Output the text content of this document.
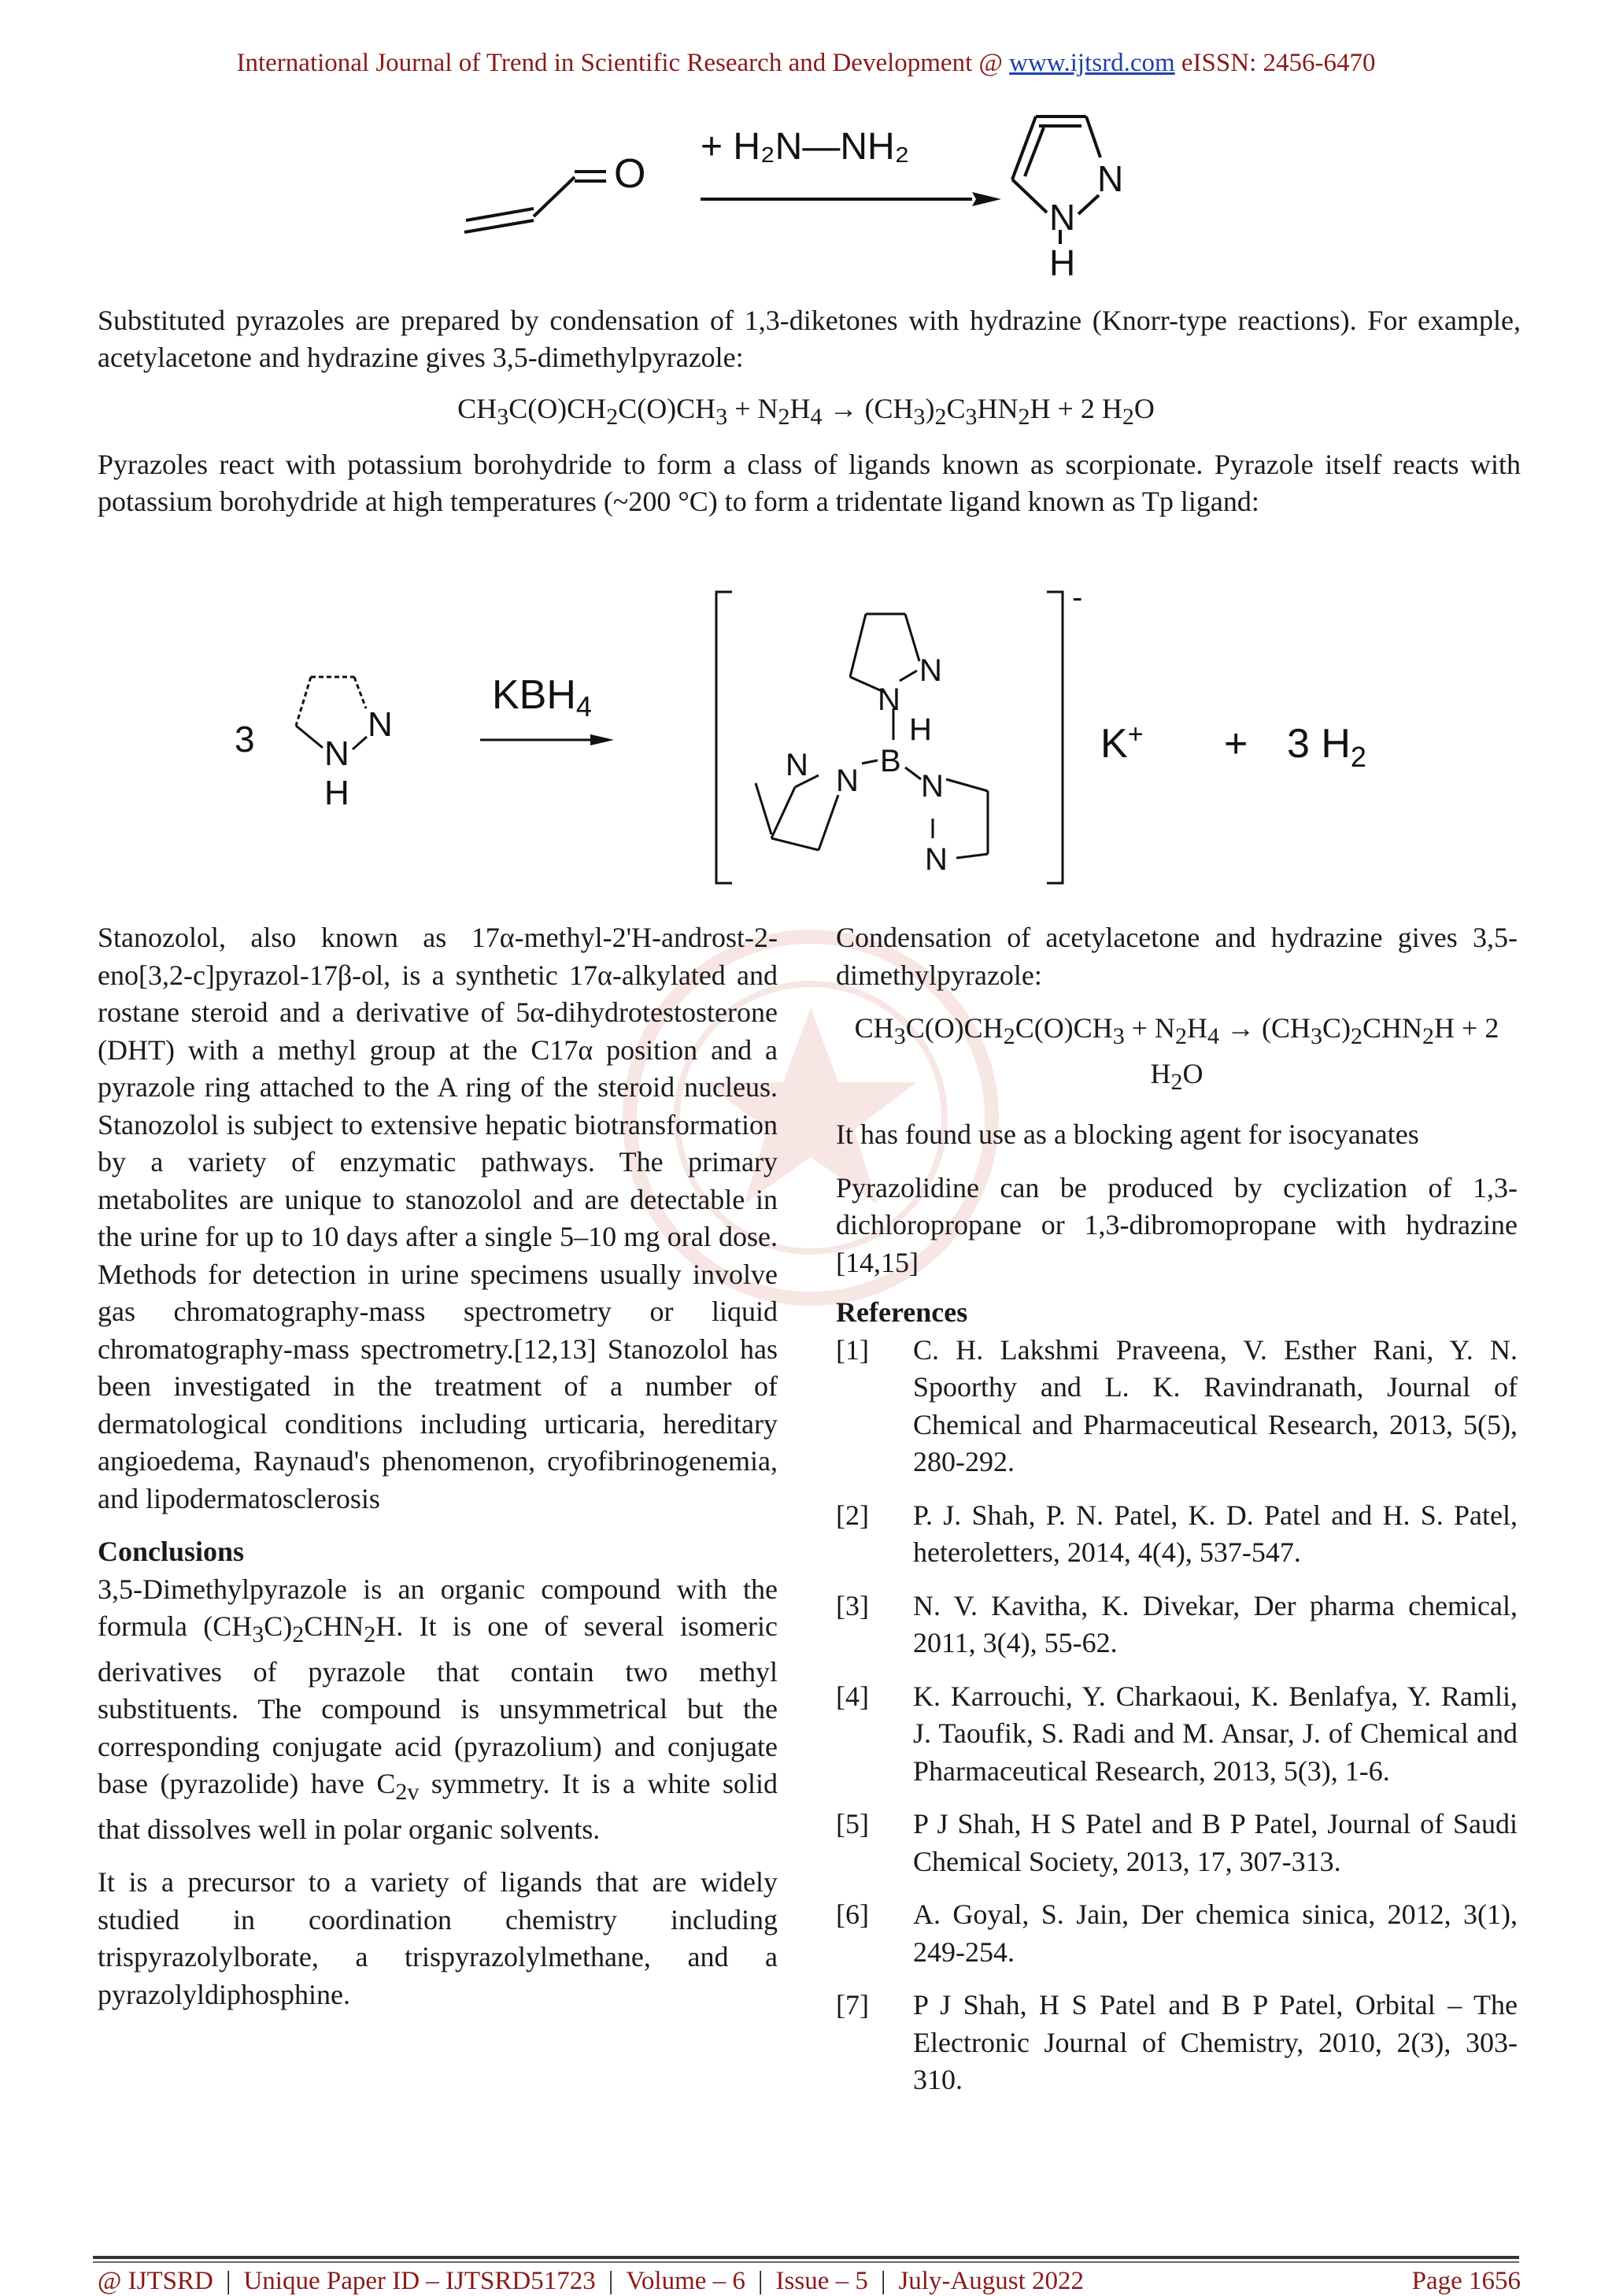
International Journal of Trend in Scientific Research and Development @ www.ijtsrd.com eISSN: 2456-6470
O
+ H₂N—NH₂
N
N
H
Substituted pyrazoles are prepared by condensation of 1,3-diketones with hydrazine (Knorr-type reactions). For example, acetylacetone and hydrazine gives 3,5-dimethylpyrazole:
$CH_3C(O)CH_2C(O)CH_3 + N_2H_4 \to (CH_3)_2C_3HN_2H + 2$ $H_2O$
Pyrazoles react with potassium borohydride to form a class of ligands known as scorpionate. Pyrazole itself reacts with potassium borohydride at high temperatures (~200 °C) to form a tridentate ligand known as Tp ligand:
3	N
N
H
KBH4
-
N
N
B
H
N N N
N
K+ + 3 $H_2$

Stanozolol, also known as 17α-methyl-2'H-androst-2-eno[3,2-c]pyrazol-17β-ol, is a synthetic 17α-alkylated and rostane steroid and a derivative of 5α-dihydrotestosterone (DHT) with a methyl group at the C17α position and a pyrazole ring attached to the A ring of the steroid nucleus. Stanozolol is subject to extensive hepatic biotransformation by a variety of enzymatic pathways. The primary metabolites are unique to stanozolol and are detectable in the urine for up to 10 days after a single 5–10 mg oral dose. Methods for detection in urine specimens usually involve gas chromatography-mass spectrometry or liquid chromatography-mass spectrometry.[12,13] Stanozolol has been investigated in the treatment of a number of dermatological conditions including urticaria, hereditary angioedema, Raynaud's phenomenon, cryofibrinogenemia, and lipodermatosclerosis

Conclusions

3,5-Dimethylpyrazole is an organic compound with the formula $(CH_3C)_2CHN_2H$. It is one of several isomeric derivatives of pyrazole that contain two methyl substituents. The compound is unsymmetrical but the corresponding conjugate acid (pyrazolium) and conjugate base (pyrazolide) have $C_{2v}$ symmetry. It is a white solid that dissolves well in polar organic solvents.

It is a precursor to a variety of ligands that are widely studied in coordination chemistry including trispyrazolylborate, a trispyrazolylmethane, and a pyrazolyldiphosphine.

Condensation of acetylacetone and hydrazine gives 3,5-dimethylpyrazole:

$CH_3C(O)CH_2C(O)CH_3 + N_2H_4 \to (CH_3C)_2CHN_2H + 2$ $H_2O$

It has found use as a blocking agent for isocyanates

Pyrazolidine can be produced by cyclization of 1,3-dichloropropane or 1,3-dibromopropane with hydrazine [14,15]

References

[1]	C. H. Lakshmi Praveena, V. Esther Rani, Y. N. Spoorthy and L. K. Ravindranath, Journal of Chemical and Pharmaceutical Research, 2013, 5(5), 280-292.
[2]	P. J. Shah, P. N. Patel, K. D. Patel and H. S. Patel, heteroletters, 2014, 4(4), 537-547.
[3]	N. V. Kavitha, K. Divekar, Der pharma chemical, 2011, 3(4), 55-62.
[4]	K. Karrouchi, Y. Charkaoui, K. Benlafya, Y. Ramli, J. Taoufik, S. Radi and M. Ansar, J. of Chemical and Pharmaceutical Research, 2013, 5(3), 1-6.
[5]	P J Shah, H S Patel and B P Patel, Journal of Saudi Chemical Society, 2013, 17, 307-313.
[6]	A. Goyal, S. Jain, Der chemica sinica, 2012, 3(1), 249-254.
[7]	P J Shah, H S Patel and B P Patel, Orbital – The Electronic Journal of Chemistry, 2010, 2(3), 303-310.
@ IJTSRD | Unique Paper ID – IJTSRD51723 | Volume – 6 | Issue – 5 | July-August 2022	Page 1656
